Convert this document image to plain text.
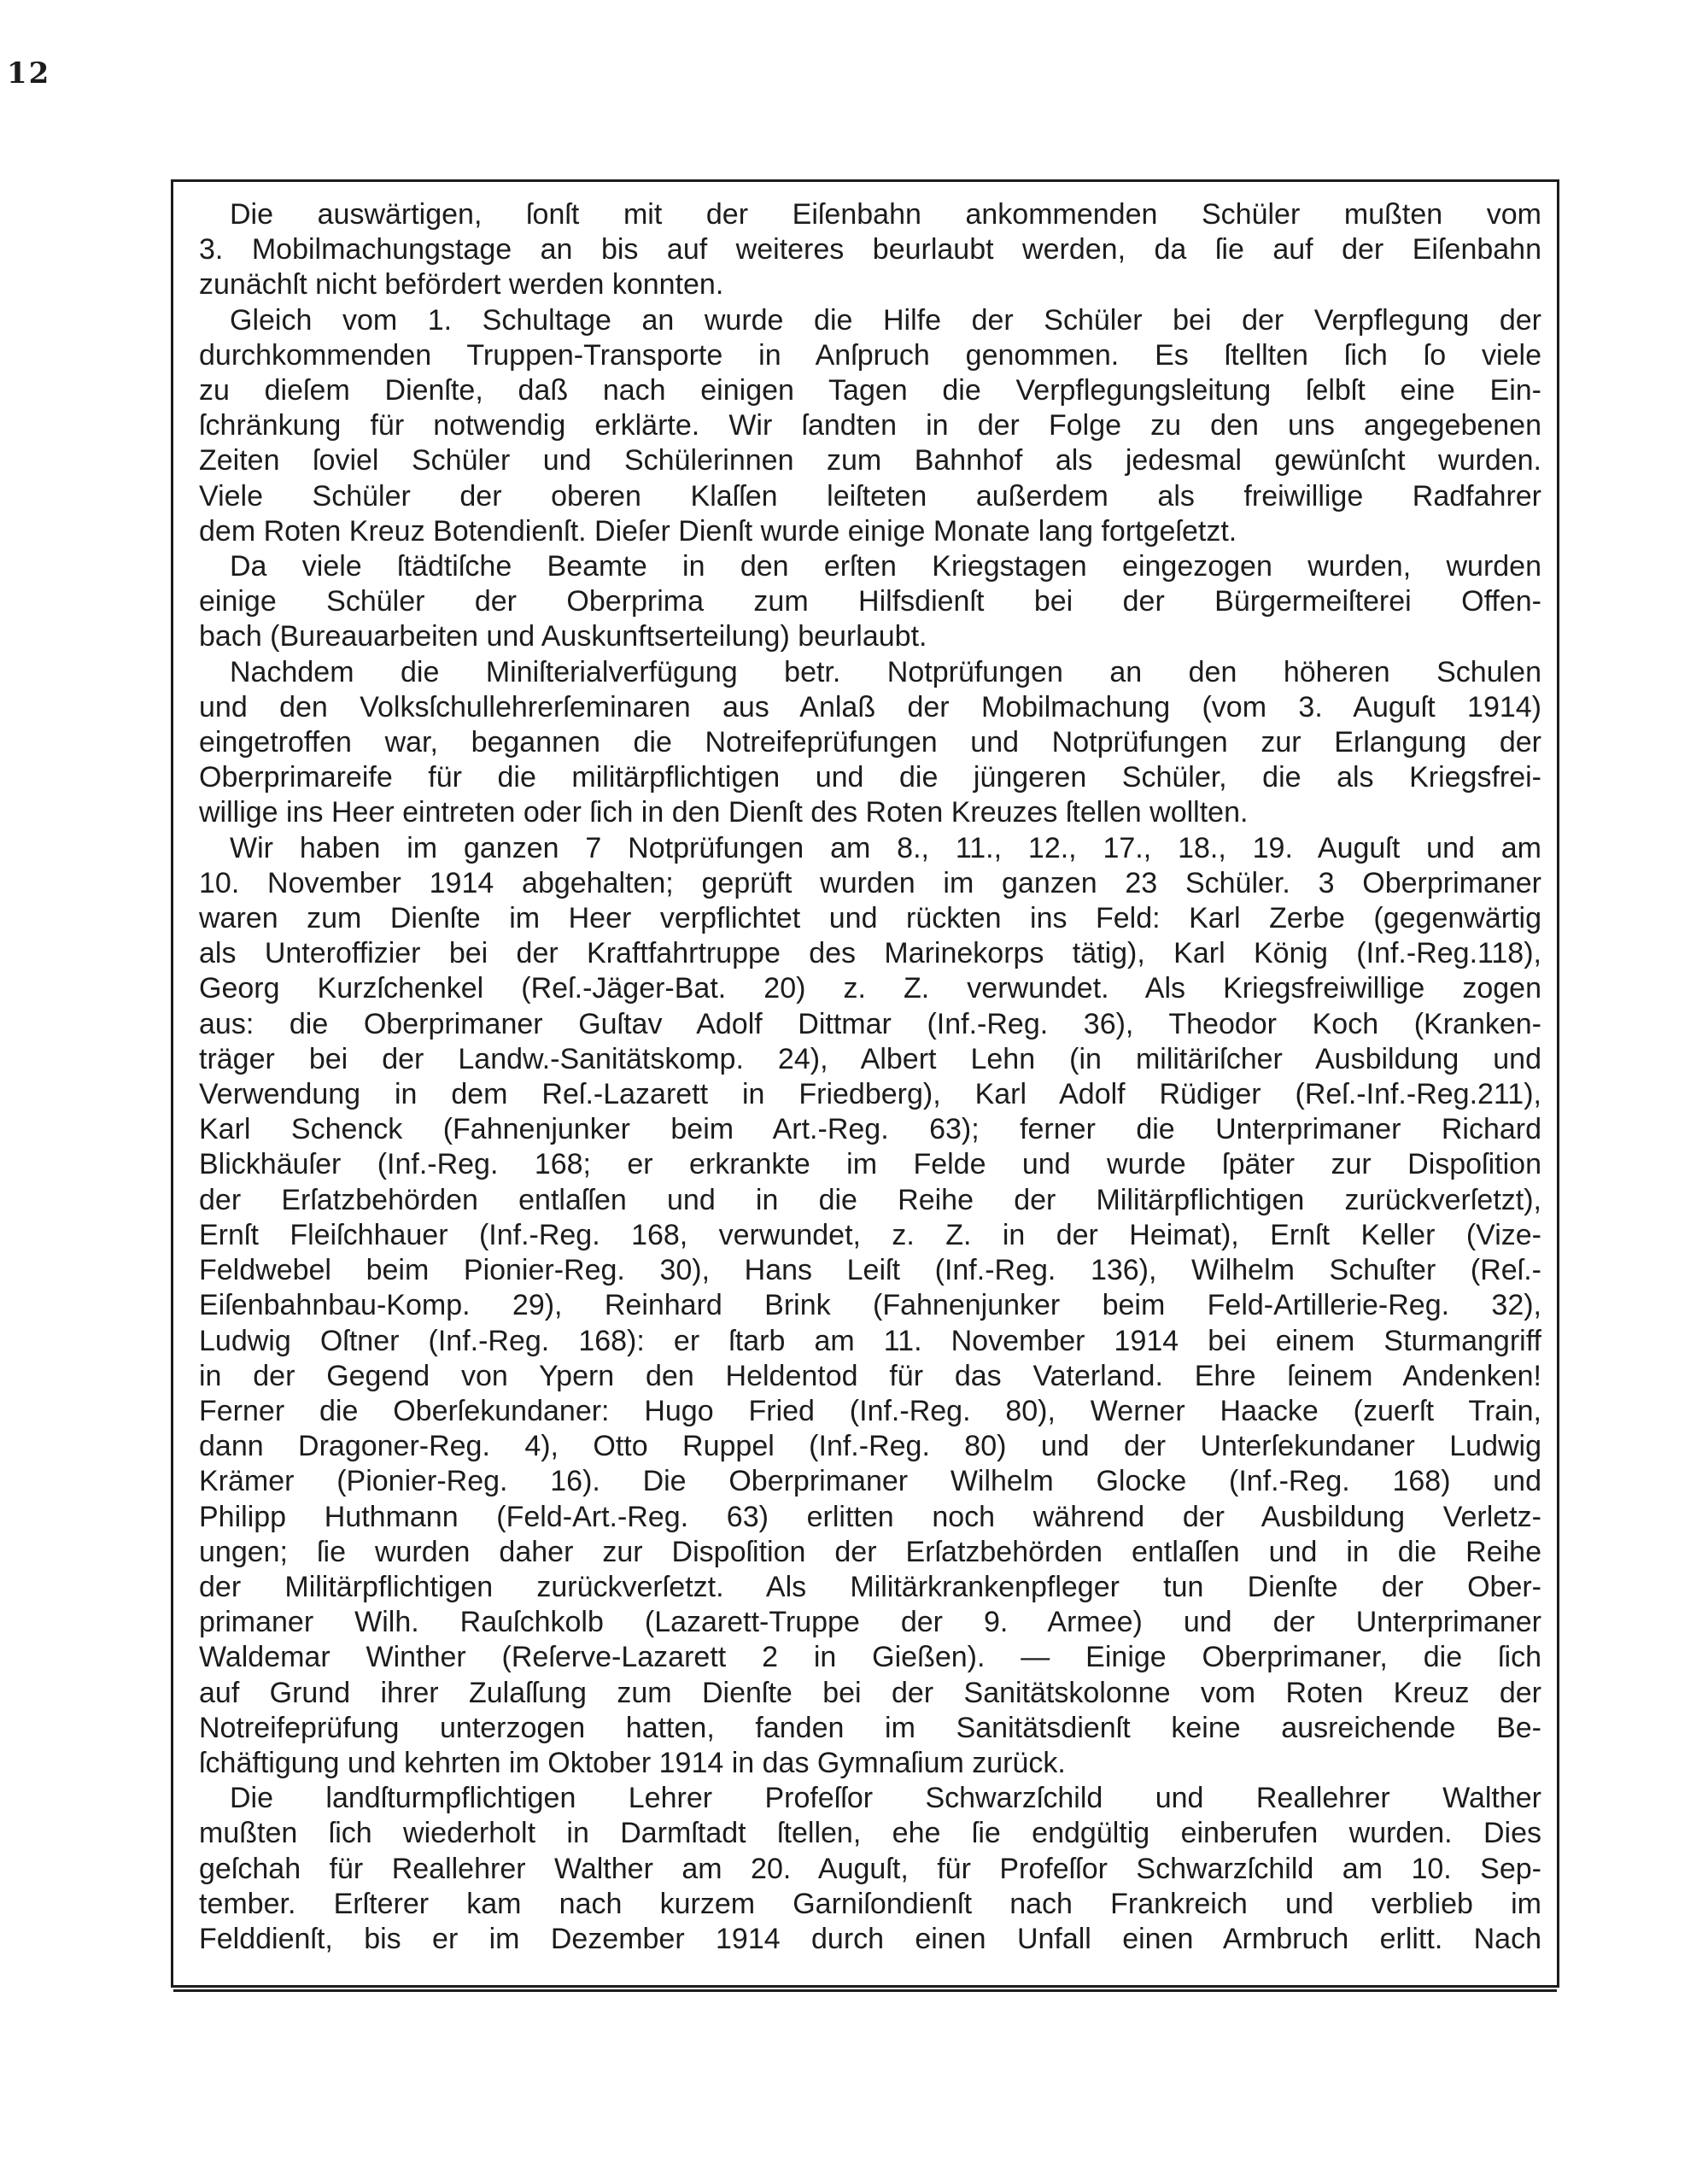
12
Die auswärtigen, ſonſt mit der Eiſenbahn ankommenden Schüler mußten vom
3. Mobilmachungstage an bis auf weiteres beurlaubt werden, da ſie auf der Eiſenbahn
zunächſt nicht befördert werden konnten.
Gleich vom 1. Schultage an wurde die Hilfe der Schüler bei der Verpflegung der
durchkommenden Truppen-Transporte in Anſpruch genommen. Es ſtellten ſich ſo viele
zu dieſem Dienſte, daß nach einigen Tagen die Verpflegungsleitung ſelbſt eine Ein-
ſchränkung für notwendig erklärte. Wir ſandten in der Folge zu den uns angegebenen
Zeiten ſoviel Schüler und Schülerinnen zum Bahnhof als jedesmal gewünſcht wurden.
Viele Schüler der oberen Klaſſen leiſteten außerdem als freiwillige Radfahrer
dem Roten Kreuz Botendienſt. Dieſer Dienſt wurde einige Monate lang fortgeſetzt.
Da viele ſtädtiſche Beamte in den erſten Kriegstagen eingezogen wurden, wurden
einige Schüler der Oberprima zum Hilfsdienſt bei der Bürgermeiſterei Offen-
bach (Bureauarbeiten und Auskunftserteilung) beurlaubt.
Nachdem die Miniſterialverfügung betr. Notprüfungen an den höheren Schulen
und den Volksſchullehrerſeminaren aus Anlaß der Mobilmachung (vom 3. Auguſt 1914)
eingetroffen war, begannen die Notreifeprüfungen und Notprüfungen zur Erlangung der
Oberprimareife für die militärpflichtigen und die jüngeren Schüler, die als Kriegsfrei-
willige ins Heer eintreten oder ſich in den Dienſt des Roten Kreuzes ſtellen wollten.
Wir haben im ganzen 7 Notprüfungen am 8., 11., 12., 17., 18., 19. Auguſt und am
10. November 1914 abgehalten; geprüft wurden im ganzen 23 Schüler. 3 Oberprimaner
waren zum Dienſte im Heer verpflichtet und rückten ins Feld: Karl Zerbe (gegenwärtig
als Unteroffizier bei der Kraftfahrtruppe des Marinekorps tätig), Karl König (Inf.-Reg.118),
Georg Kurzſchenkel (Reſ.-Jäger-Bat. 20) z. Z. verwundet. Als Kriegsfreiwillige zogen
aus: die Oberprimaner Guſtav Adolf Dittmar (Inf.-Reg. 36), Theodor Koch (Kranken-
träger bei der Landw.-Sanitätskomp. 24), Albert Lehn (in militäriſcher Ausbildung und
Verwendung in dem Reſ.-Lazarett in Friedberg), Karl Adolf Rüdiger (Reſ.-Inf.-Reg.211),
Karl Schenck (Fahnenjunker beim Art.-Reg. 63); ferner die Unterprimaner Richard
Blickhäuſer (Inf.-Reg. 168; er erkrankte im Felde und wurde ſpäter zur Dispoſition
der Erſatzbehörden entlaſſen und in die Reihe der Militärpflichtigen zurückverſetzt),
Ernſt Fleiſchhauer (Inf.-Reg. 168, verwundet, z. Z. in der Heimat), Ernſt Keller (Vize-
Feldwebel beim Pionier-Reg. 30), Hans Leiſt (Inf.-Reg. 136), Wilhelm Schuſter (Reſ.-
Eiſenbahnbau-Komp. 29), Reinhard Brink (Fahnenjunker beim Feld-Artillerie-Reg. 32),
Ludwig Oſtner (Inf.-Reg. 168): er ſtarb am 11. November 1914 bei einem Sturmangriff
in der Gegend von Ypern den Heldentod für das Vaterland. Ehre ſeinem Andenken!
Ferner die Oberſekundaner: Hugo Fried (Inf.-Reg. 80), Werner Haacke (zuerſt Train,
dann Dragoner-Reg. 4), Otto Ruppel (Inf.-Reg. 80) und der Unterſekundaner Ludwig
Krämer (Pionier-Reg. 16). Die Oberprimaner Wilhelm Glocke (Inf.-Reg. 168) und
Philipp Huthmann (Feld-Art.-Reg. 63) erlitten noch während der Ausbildung Verletz-
ungen; ſie wurden daher zur Dispoſition der Erſatzbehörden entlaſſen und in die Reihe
der Militärpflichtigen zurückverſetzt. Als Militärkrankenpfleger tun Dienſte der Ober-
primaner Wilh. Rauſchkolb (Lazarett-Truppe der 9. Armee) und der Unterprimaner
Waldemar Winther (Reſerve-Lazarett 2 in Gießen). — Einige Oberprimaner, die ſich
auf Grund ihrer Zulaſſung zum Dienſte bei der Sanitätskolonne vom Roten Kreuz der
Notreifeprüfung unterzogen hatten, fanden im Sanitätsdienſt keine ausreichende Be-
ſchäftigung und kehrten im Oktober 1914 in das Gymnaſium zurück.
Die landſturmpflichtigen Lehrer Profeſſor Schwarzſchild und Reallehrer Walther
mußten ſich wiederholt in Darmſtadt ſtellen, ehe ſie endgültig einberufen wurden. Dies
geſchah für Reallehrer Walther am 20. Auguſt, für Profeſſor Schwarzſchild am 10. Sep-
tember. Erſterer kam nach kurzem Garniſondienſt nach Frankreich und verblieb im
Felddienſt, bis er im Dezember 1914 durch einen Unfall einen Armbruch erlitt. Nach
